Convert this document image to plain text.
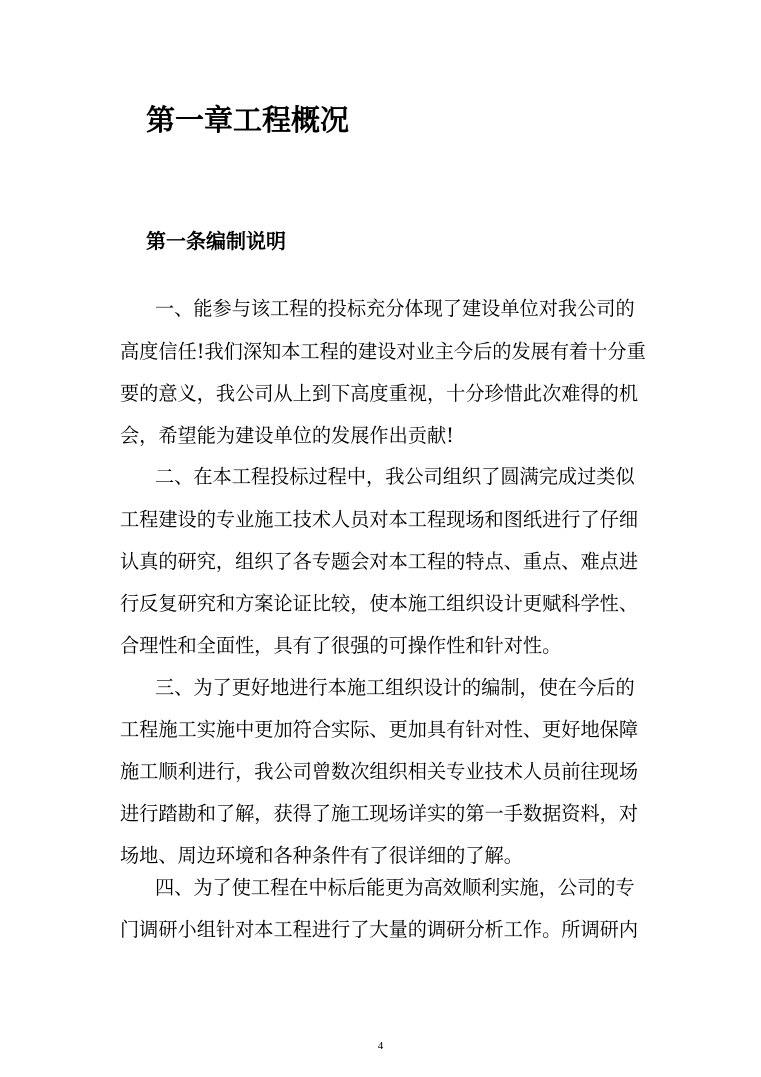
第一章工程概况
第一条编制说明
一、能参与该工程的投标充分体现了建设单位对我公司的
高度信任!我们深知本工程的建设对业主今后的发展有着十分重
要的意义，我公司从上到下高度重视，十分珍惜此次难得的机
会，希望能为建设单位的发展作出贡献!
二、在本工程投标过程中，我公司组织了圆满完成过类似
工程建设的专业施工技术人员对本工程现场和图纸进行了仔细
认真的研究，组织了各专题会对本工程的特点、重点、难点进
行反复研究和方案论证比较，使本施工组织设计更赋科学性、
合理性和全面性，具有了很强的可操作性和针对性。
三、为了更好地进行本施工组织设计的编制，使在今后的
工程施工实施中更加符合实际、更加具有针对性、更好地保障
施工顺利进行，我公司曾数次组织相关专业技术人员前往现场
进行踏勘和了解，获得了施工现场详实的第一手数据资料，对
场地、周边环境和各种条件有了很详细的了解。
四、为了使工程在中标后能更为高效顺利实施，公司的专
门调研小组针对本工程进行了大量的调研分析工作。所调研内
4
